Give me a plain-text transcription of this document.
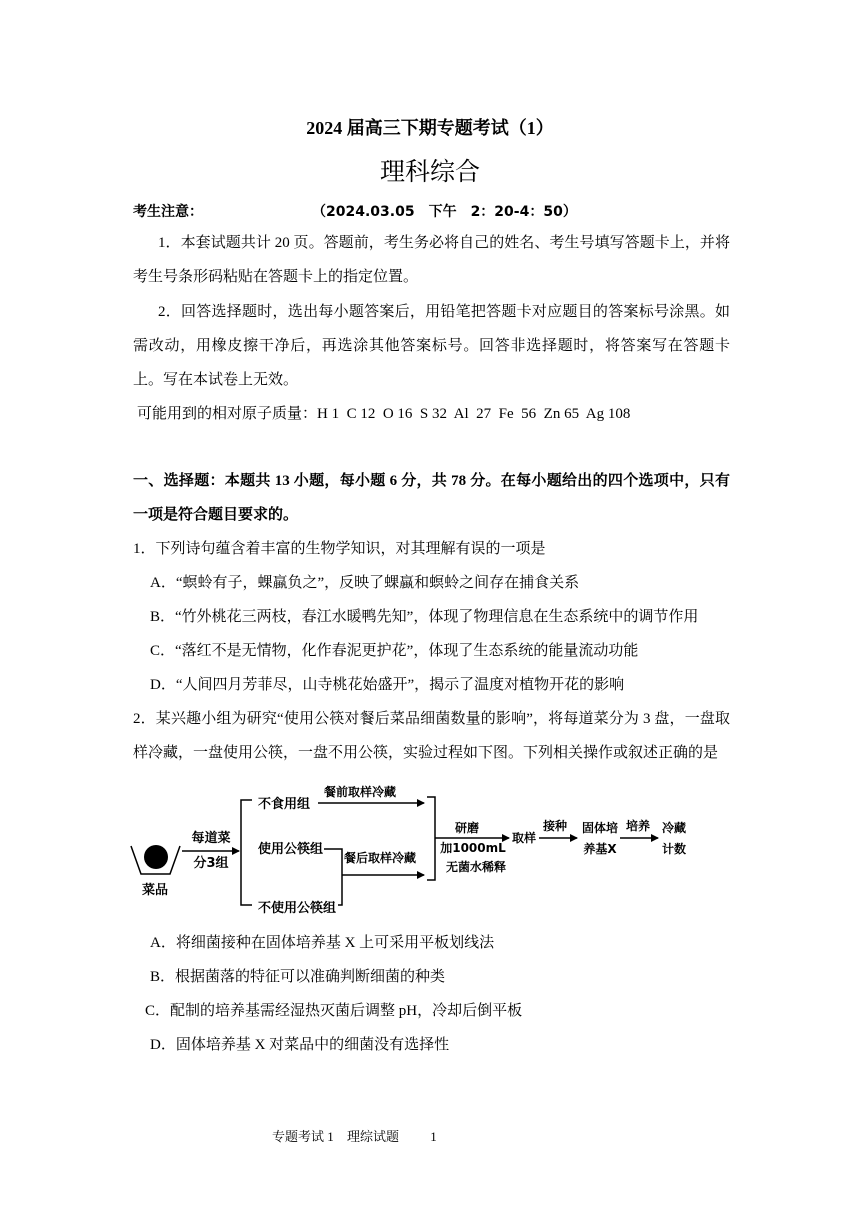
2024 届高三下期专题考试（1）
理科综合
考生注意：	（2024.03.05　下午　2：20-4：50）
1．本套试题共计 20 页。答题前，考生务必将自己的姓名、考生号填写答题卡上，并将考生号条形码粘贴在答题卡上的指定位置。
2．回答选择题时，选出每小题答案后，用铅笔把答题卡对应题目的答案标号涂黑。如需改动，用橡皮擦干净后，再选涂其他答案标号。回答非选择题时，将答案写在答题卡上。写在本试卷上无效。
可能用到的相对原子质量：H 1  C 12  O 16  S 32  Al  27  Fe  56  Zn 65  Ag 108
一、选择题：本题共 13 小题，每小题 6 分，共 78 分。在每小题给出的四个选项中，只有一项是符合题目要求的。
1．下列诗句蕴含着丰富的生物学知识，对其理解有误的一项是
A．“螟蛉有子，蜾蠃负之”，反映了蜾蠃和螟蛉之间存在捕食关系
B．“竹外桃花三两枝，春江水暖鸭先知”，体现了物理信息在生态系统中的调节作用
C．“落红不是无情物，化作春泥更护花”，体现了生态系统的能量流动功能
D．“人间四月芳菲尽，山寺桃花始盛开”，揭示了温度对植物开花的影响
2．某兴趣小组为研究“使用公筷对餐后菜品细菌数量的影响”，将每道菜分为 3 盘，一盘取样冷藏，一盘使用公筷，一盘不用公筷，实验过程如下图。下列相关操作或叙述正确的是
菜品
每道菜
分3组
不食用组
使用公筷组
不使用公筷组
餐前取样冷藏
餐后取样冷藏
研磨
加1000mL
无菌水稀释
取样
接种 固体培
养基X
培养 冷藏
计数
A．将细菌接种在固体培养基 X 上可采用平板划线法
B．根据菌落的特征可以准确判断细菌的种类
C．配制的培养基需经湿热灭菌后调整 pH，冷却后倒平板
D．固体培养基 X 对菜品中的细菌没有选择性
专题考试 1 理综试题 1
